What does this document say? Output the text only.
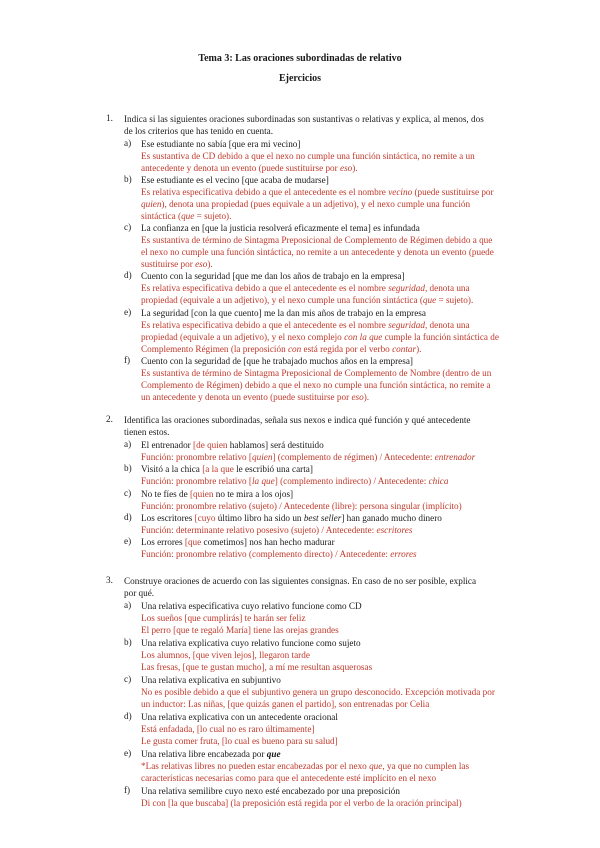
Tema 3: Las oraciones subordinadas de relativo
Ejercicios
1. Indica si las siguientes oraciones subordinadas son sustantivas o relativas y explica, al menos, dos
de los criterios que has tenido en cuenta.
a) Ese estudiante no sabía [que era mi vecino]
Es sustantiva de CD debido a que el nexo no cumple una función sintáctica, no remite a un
antecedente y denota un evento (puede sustituirse por eso).
b) Ese estudiante es el vecino [que acaba de mudarse]
Es relativa especificativa debido a que el antecedente es el nombre vecino (puede sustituirse por
quien), denota una propiedad (pues equivale a un adjetivo), y el nexo cumple una función
sintáctica (que = sujeto).
c) La confianza en [que la justicia resolverá eficazmente el tema] es infundada
Es sustantiva de término de Sintagma Preposicional de Complemento de Régimen debido a que
el nexo no cumple una función sintáctica, no remite a un antecedente y denota un evento (puede
sustituirse por eso).
d) Cuento con la seguridad [que me dan los años de trabajo en la empresa]
Es relativa especificativa debido a que el antecedente es el nombre seguridad, denota una
propiedad (equivale a un adjetivo), y el nexo cumple una función sintáctica (que = sujeto).
e) La seguridad [con la que cuento] me la dan mis años de trabajo en la empresa
Es relativa especificativa debido a que el antecedente es el nombre seguridad, denota una
propiedad (equivale a un adjetivo), y el nexo complejo con la que cumple la función sintáctica de
Complemento Régimen (la preposición con está regida por el verbo contar).
f) Cuento con la seguridad de [que he trabajado muchos años en la empresa]
Es sustantiva de término de Sintagma Preposicional de Complemento de Nombre (dentro de un
Complemento de Régimen) debido a que el nexo no cumple una función sintáctica, no remite a
un antecedente y denota un evento (puede sustituirse por eso).
2. Identifica las oraciones subordinadas, señala sus nexos e indica qué función y qué antecedente
tienen estos.
a) El entrenador [de quien hablamos] será destituido
Función: pronombre relativo [quien] (complemento de régimen) / Antecedente: entrenador
b) Visitó a la chica [a la que le escribió una carta]
Función: pronombre relativo [la que] (complemento indirecto) / Antecedente: chica
c) No te fíes de [quien no te mira a los ojos]
Función: pronombre relativo (sujeto) / Antecedente (libre): persona singular (implícito)
d) Los escritores [cuyo último libro ha sido un best seller] han ganado mucho dinero
Función: determinante relativo posesivo (sujeto) / Antecedente: escritores
e) Los errores [que cometimos] nos han hecho madurar
Función: pronombre relativo (complemento directo) / Antecedente: errores
3. Construye oraciones de acuerdo con las siguientes consignas. En caso de no ser posible, explica
por qué.
a) Una relativa especificativa cuyo relativo funcione como CD
Los sueños [que cumplirás] te harán ser feliz
El perro [que te regaló María] tiene las orejas grandes
b) Una relativa explicativa cuyo relativo funcione como sujeto
Los alumnos, [que viven lejos], llegaron tarde
Las fresas, [que te gustan mucho], a mí me resultan asquerosas
c) Una relativa explicativa en subjuntivo
No es posible debido a que el subjuntivo genera un grupo desconocido. Excepción motivada por
un inductor: Las niñas, [que quizás ganen el partido], son entrenadas por Celia
d) Una relativa explicativa con un antecedente oracional
Está enfadada, [lo cual no es raro últimamente]
Le gusta comer fruta, [lo cual es bueno para su salud]
e) Una relativa libre encabezada por que
*Las relativas libres no pueden estar encabezadas por el nexo que, ya que no cumplen las
características necesarias como para que el antecedente esté implícito en el nexo
f) Una relativa semilibre cuyo nexo esté encabezado por una preposición
Di con [la que buscaba] (la preposición está regida por el verbo de la oración principal)
